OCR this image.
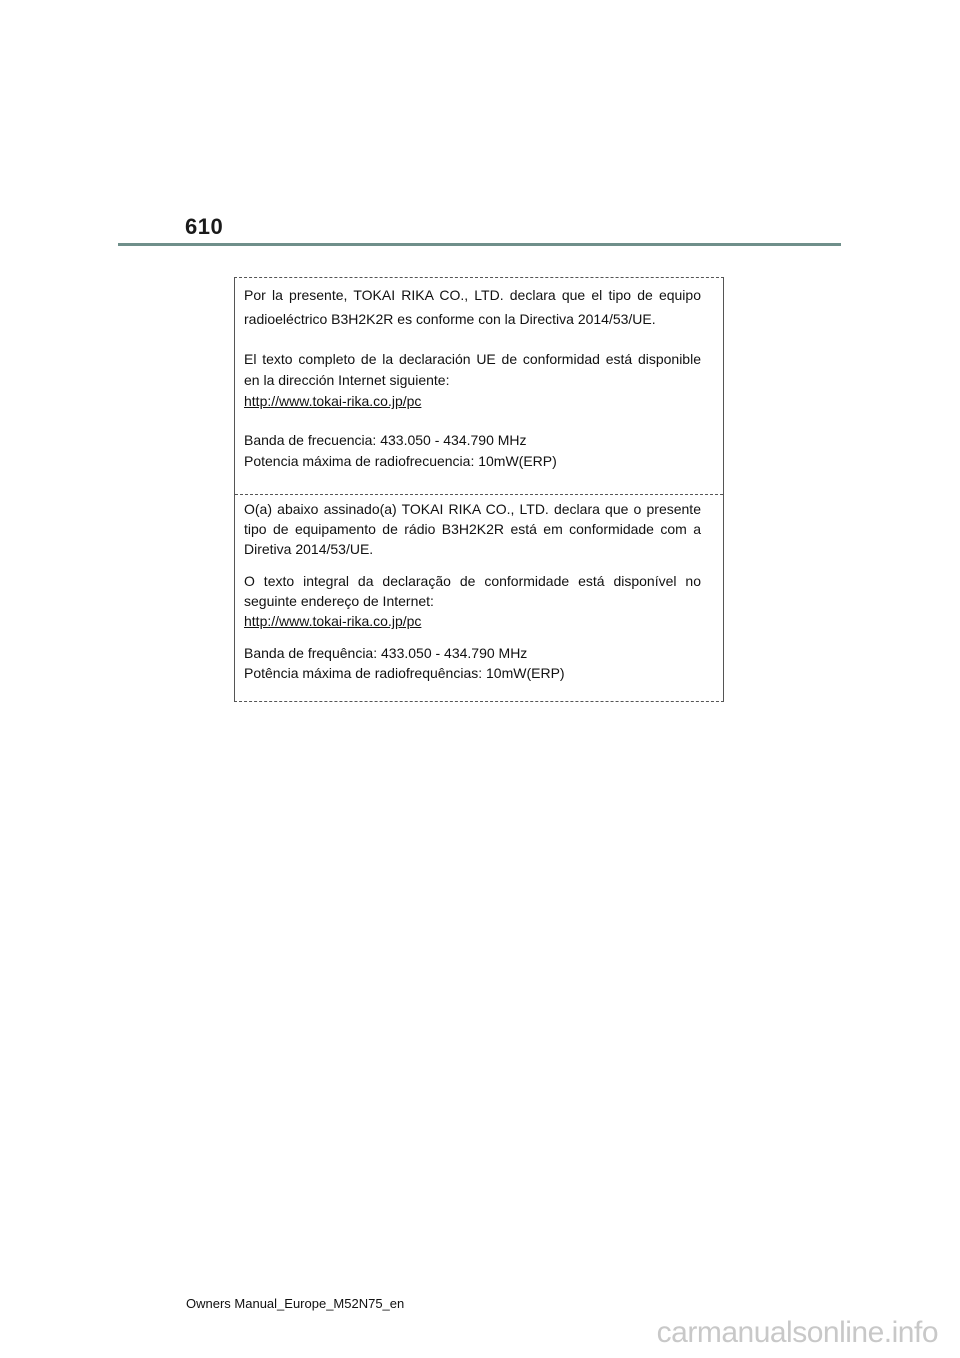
610

Por la presente, TOKAI RIKA CO., LTD. declara que el tipo de equipo radioeléctrico B3H2K2R es conforme con la Directiva 2014/53/UE.

El texto completo de la declaración UE de conformidad está disponible en la dirección Internet siguiente:

http://www.tokai-rika.co.jp/pc

Banda de frecuencia: 433.050 - 434.790 MHz

Potencia máxima de radiofrecuencia: 10mW(ERP)

O(a) abaixo assinado(a) TOKAI RIKA CO., LTD. declara que o presente tipo de equipamento de rádio B3H2K2R está em conformidade com a Diretiva 2014/53/UE.

O texto integral da declaração de conformidade está disponível no seguinte endereço de Internet:

http://www.tokai-rika.co.jp/pc

Banda de frequência: 433.050 - 434.790 MHz

Potência máxima de radiofrequências: 10mW(ERP)

Owners Manual_Europe_M52N75_en
carmanualsonline.info
